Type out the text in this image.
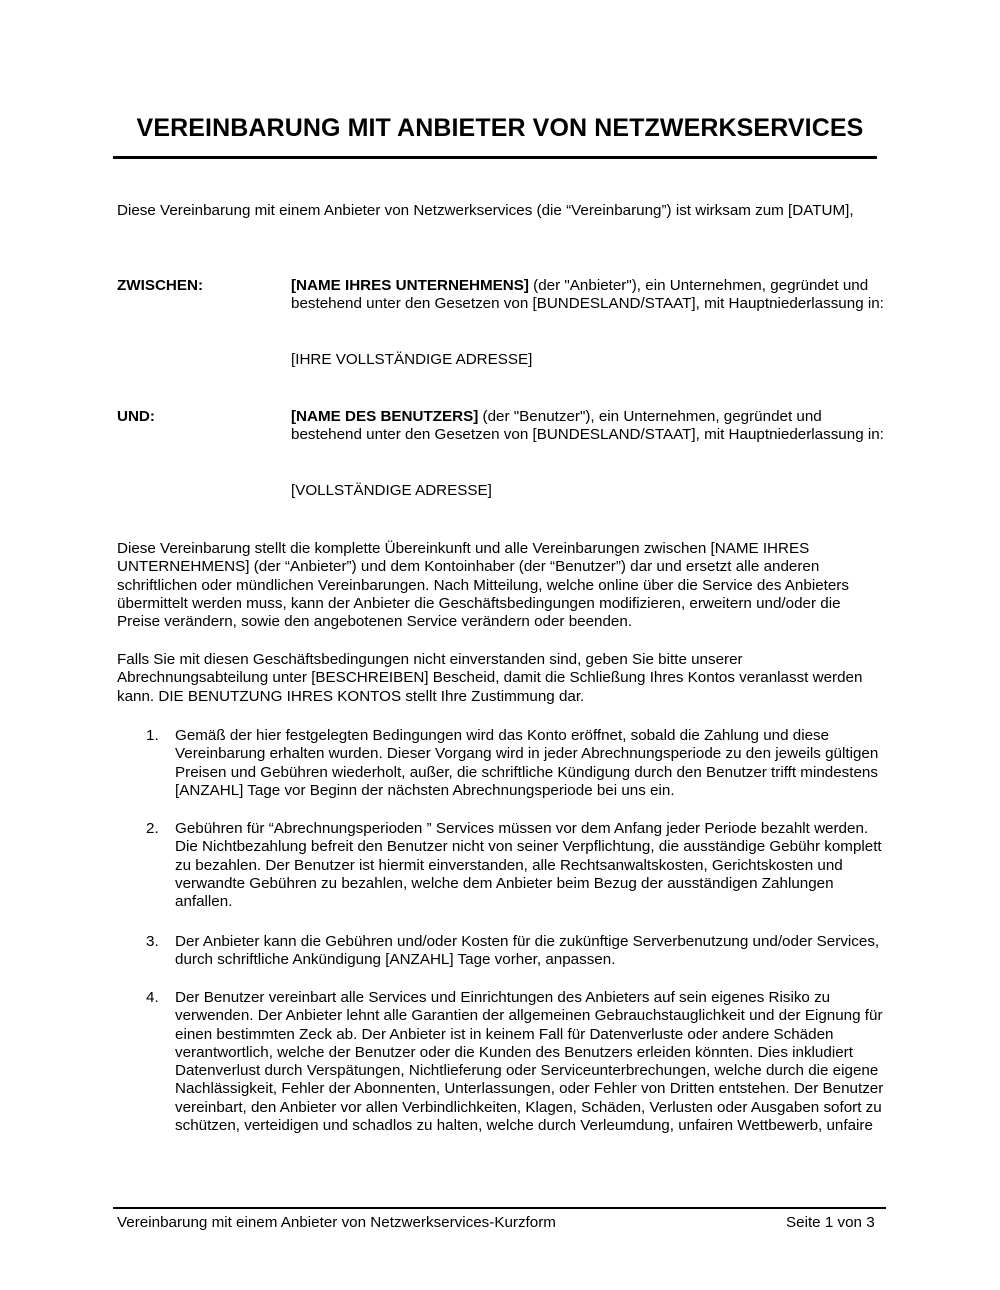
VEREINBARUNG MIT ANBIETER VON NETZWERKSERVICES

Diese Vereinbarung mit einem Anbieter von Netzwerkservices (die “Vereinbarung”) ist wirksam zum [DATUM],

ZWISCHEN:	[NAME IHRES UNTERNEHMENS] (der "Anbieter"), ein Unternehmen, gegründet und bestehend unter den Gesetzen von [BUNDESLAND/STAAT], mit Hauptniederlassung in:

[IHRE VOLLSTÄNDIGE ADRESSE]
UND:	[NAME DES BENUTZERS] (der "Benutzer"), ein Unternehmen, gegründet und bestehend unter den Gesetzen von [BUNDESLAND/STAAT], mit Hauptniederlassung in:

[VOLLSTÄNDIGE ADRESSE]

Diese Vereinbarung stellt die komplette Übereinkunft und alle Vereinbarungen zwischen [NAME IHRES UNTERNEHMENS] (der “Anbieter”) und dem Kontoinhaber (der “Benutzer”) dar und ersetzt alle anderen schriftlichen oder mündlichen Vereinbarungen. Nach Mitteilung, welche online über die Service des Anbieters übermittelt werden muss, kann der Anbieter die Geschäftsbedingungen modifizieren, erweitern und/oder die Preise verändern, sowie den angebotenen Service verändern oder beenden.

Falls Sie mit diesen Geschäftsbedingungen nicht einverstanden sind, geben Sie bitte unserer Abrechnungsabteilung unter [BESCHREIBEN] Bescheid, damit die Schließung Ihres Kontos veranlasst werden kann. DIE BENUTZUNG IHRES KONTOS stellt Ihre Zustimmung dar.

1. Gemäß der hier festgelegten Bedingungen wird das Konto eröffnet, sobald die Zahlung und diese Vereinbarung erhalten wurden. Dieser Vorgang wird in jeder Abrechnungsperiode zu den jeweils gültigen Preisen und Gebühren wiederholt, außer, die schriftliche Kündigung durch den Benutzer trifft mindestens [ANZAHL] Tage vor Beginn der nächsten Abrechnungsperiode bei uns ein.

2. Gebühren für “Abrechnungsperioden ” Services müssen vor dem Anfang jeder Periode bezahlt werden. Die Nichtbezahlung befreit den Benutzer nicht von seiner Verpflichtung, die ausständige Gebühr komplett zu bezahlen. Der Benutzer ist hiermit einverstanden, alle Rechtsanwaltskosten, Gerichtskosten und verwandte Gebühren zu bezahlen, welche dem Anbieter beim Bezug der ausständigen Zahlungen anfallen.

3. Der Anbieter kann die Gebühren und/oder Kosten für die zukünftige Serverbenutzung und/oder Services, durch schriftliche Ankündigung [ANZAHL] Tage vorher, anpassen.

4. Der Benutzer vereinbart alle Services und Einrichtungen des Anbieters auf sein eigenes Risiko zu verwenden. Der Anbieter lehnt alle Garantien der allgemeinen Gebrauchstauglichkeit und der Eignung für einen bestimmten Zeck ab. Der Anbieter ist in keinem Fall für Datenverluste oder andere Schäden verantwortlich, welche der Benutzer oder die Kunden des Benutzers erleiden könnten. Dies inkludiert Datenverlust durch Verspätungen, Nichtlieferung oder Serviceunterbrechungen, welche durch die eigene Nachlässigkeit, Fehler der Abonnenten, Unterlassungen, oder Fehler von Dritten entstehen. Der Benutzer vereinbart, den Anbieter vor allen Verbindlichkeiten, Klagen, Schäden, Verlusten oder Ausgaben sofort zu schützen, verteidigen und schadlos zu halten, welche durch Verleumdung, unfairen Wettbewerb, unfaire

Vereinbarung mit einem Anbieter von Netzwerkservices-Kurzform	Seite 1 von 3
